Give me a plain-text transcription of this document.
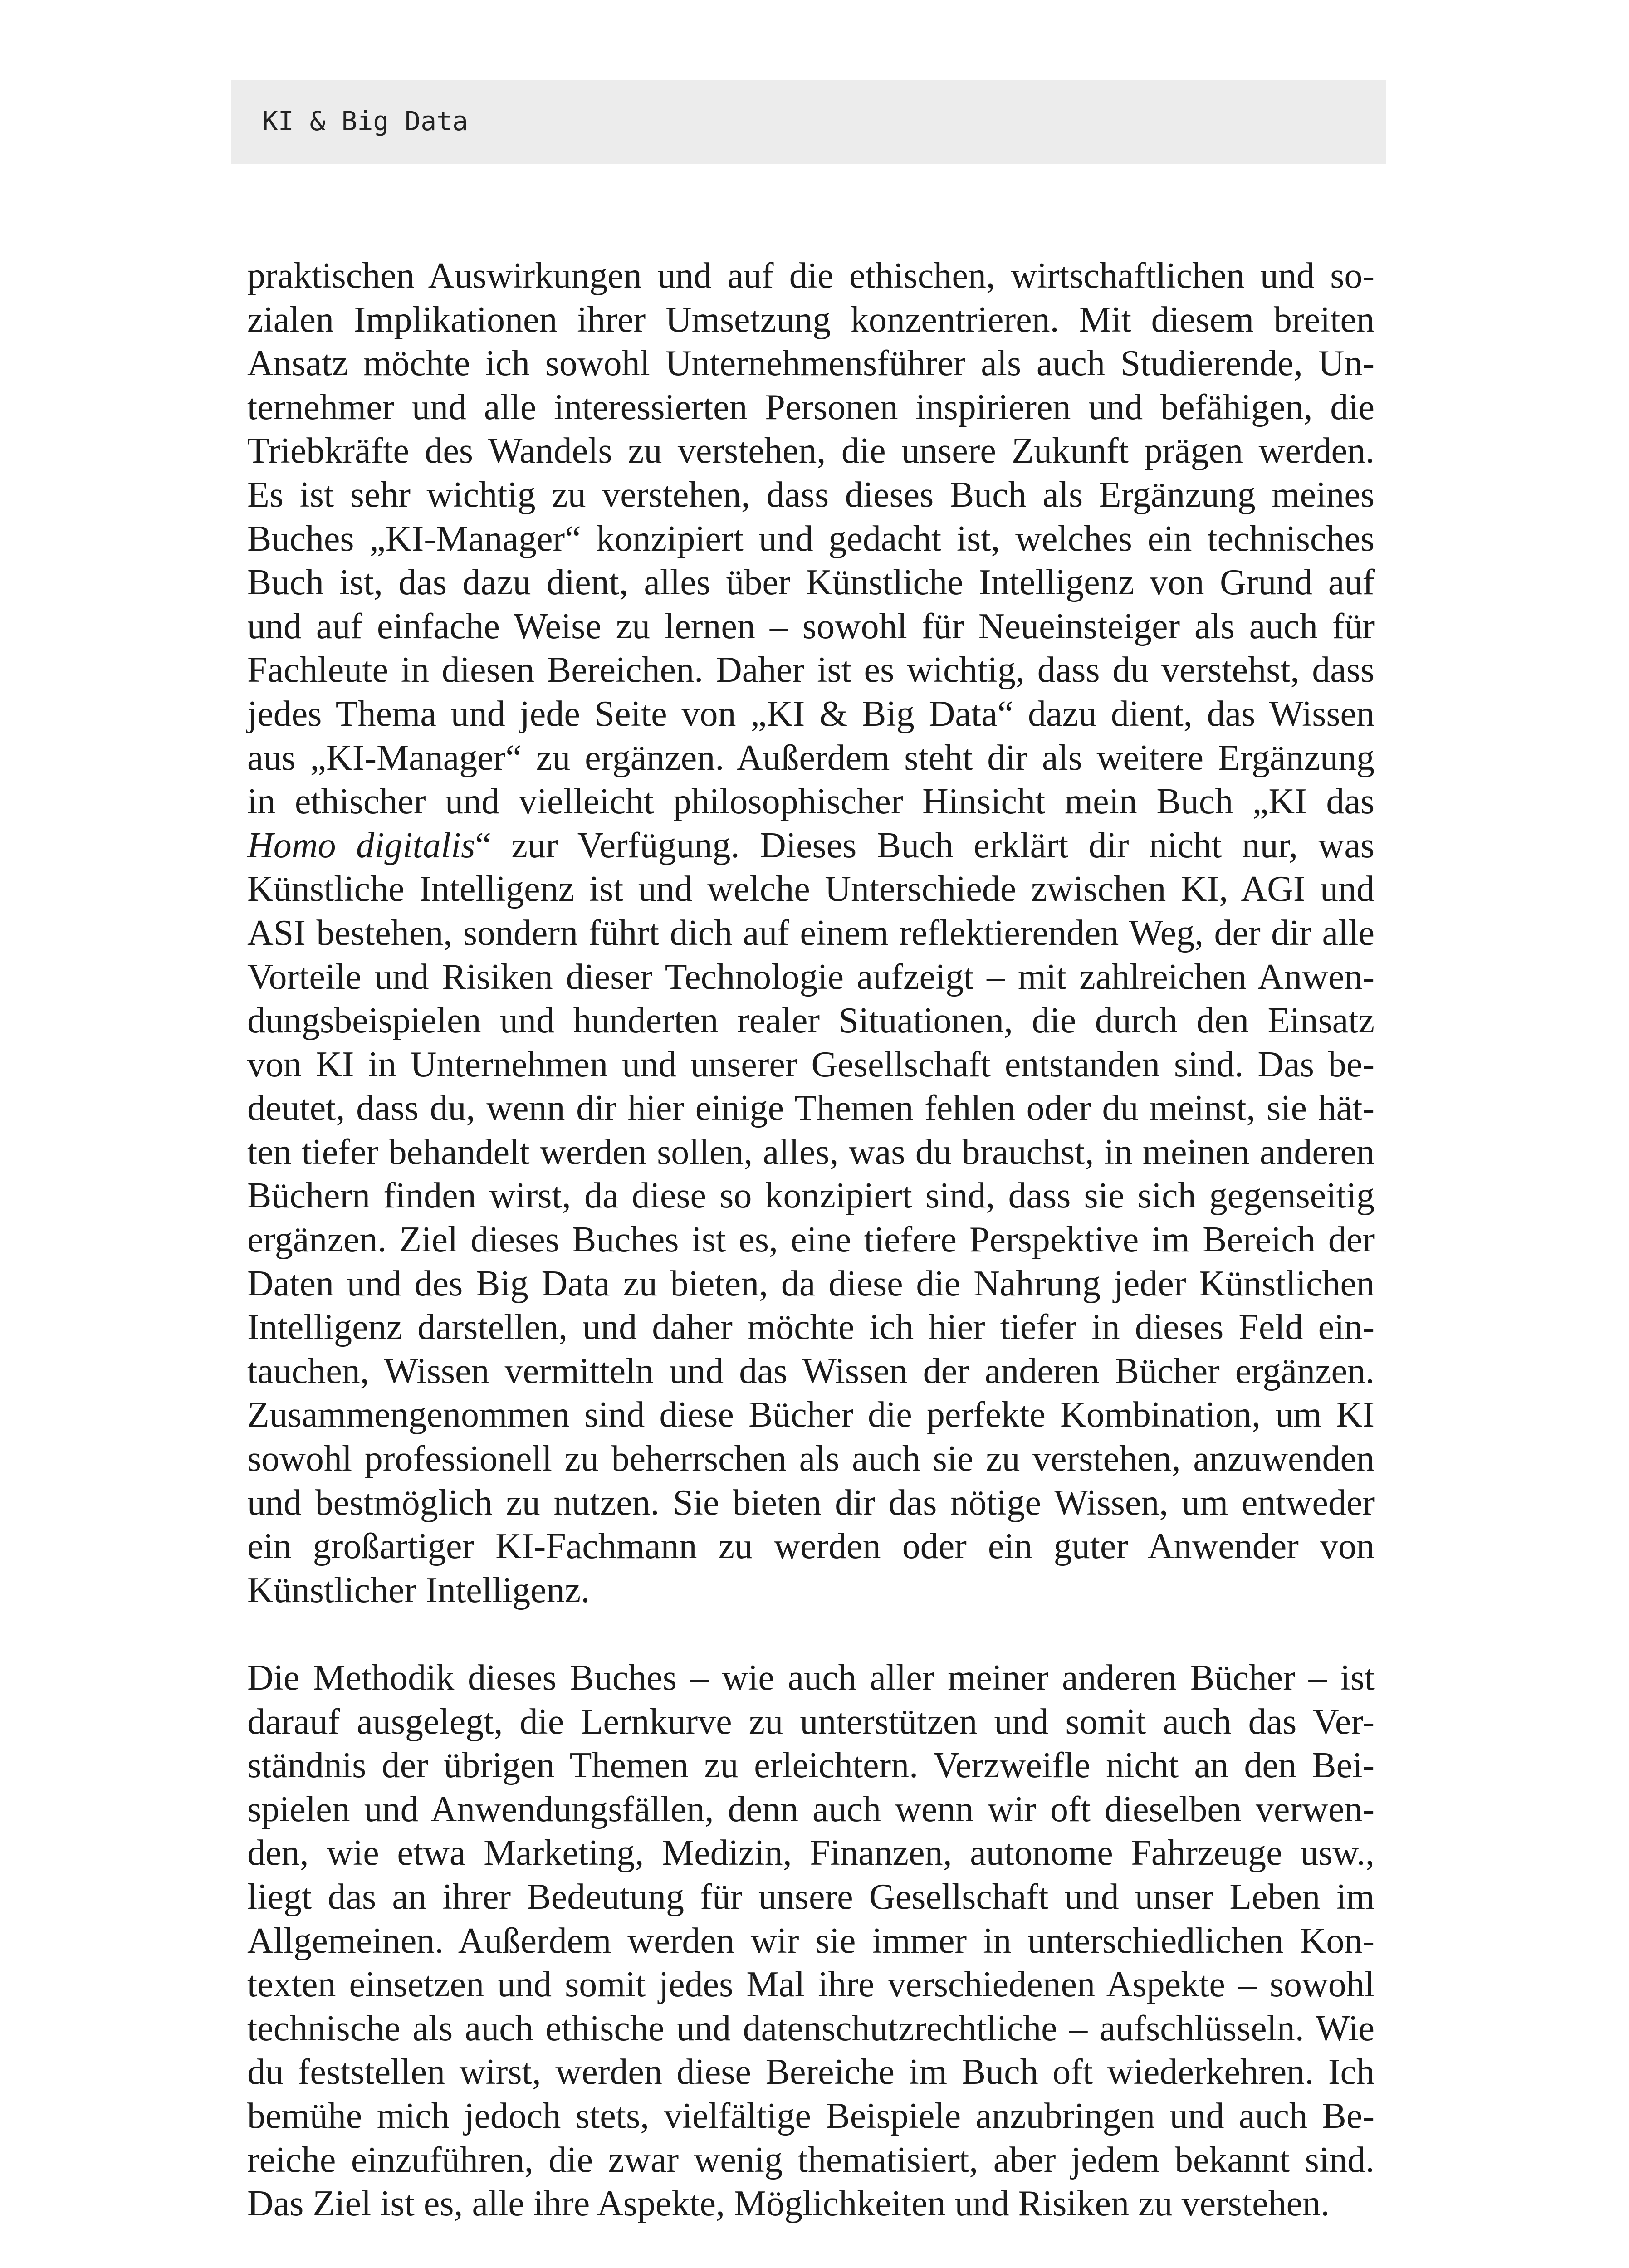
KI & Big Data
praktischen Auswirkungen und auf die ethischen, wirtschaftlichen und so-
zialen Implikationen ihrer Umsetzung konzentrieren. Mit diesem breiten
Ansatz möchte ich sowohl Unternehmensführer als auch Studierende, Un-
ternehmer und alle interessierten Personen inspirieren und befähigen, die
Triebkräfte des Wandels zu verstehen, die unsere Zukunft prägen werden.
Es ist sehr wichtig zu verstehen, dass dieses Buch als Ergänzung meines
Buches „KI-Manager“ konzipiert und gedacht ist, welches ein technisches
Buch ist, das dazu dient, alles über Künstliche Intelligenz von Grund auf
und auf einfache Weise zu lernen – sowohl für Neueinsteiger als auch für
Fachleute in diesen Bereichen. Daher ist es wichtig, dass du verstehst, dass
jedes Thema und jede Seite von „KI & Big Data“ dazu dient, das Wissen
aus „KI-Manager“ zu ergänzen. Außerdem steht dir als weitere Ergänzung
in ethischer und vielleicht philosophischer Hinsicht mein Buch „KI das
Homo digitalis“ zur Verfügung. Dieses Buch erklärt dir nicht nur, was
Künstliche Intelligenz ist und welche Unterschiede zwischen KI, AGI und
ASI bestehen, sondern führt dich auf einem reflektierenden Weg, der dir alle
Vorteile und Risiken dieser Technologie aufzeigt – mit zahlreichen Anwen-
dungsbeispielen und hunderten realer Situationen, die durch den Einsatz
von KI in Unternehmen und unserer Gesellschaft entstanden sind. Das be-
deutet, dass du, wenn dir hier einige Themen fehlen oder du meinst, sie hät-
ten tiefer behandelt werden sollen, alles, was du brauchst, in meinen anderen
Büchern finden wirst, da diese so konzipiert sind, dass sie sich gegenseitig
ergänzen. Ziel dieses Buches ist es, eine tiefere Perspektive im Bereich der
Daten und des Big Data zu bieten, da diese die Nahrung jeder Künstlichen
Intelligenz darstellen, und daher möchte ich hier tiefer in dieses Feld ein-
tauchen, Wissen vermitteln und das Wissen der anderen Bücher ergänzen.
Zusammengenommen sind diese Bücher die perfekte Kombination, um KI
sowohl professionell zu beherrschen als auch sie zu verstehen, anzuwenden
und bestmöglich zu nutzen. Sie bieten dir das nötige Wissen, um entweder
ein großartiger KI-Fachmann zu werden oder ein guter Anwender von
Künstlicher Intelligenz.
Die Methodik dieses Buches – wie auch aller meiner anderen Bücher – ist
darauf ausgelegt, die Lernkurve zu unterstützen und somit auch das Ver-
ständnis der übrigen Themen zu erleichtern. Verzweifle nicht an den Bei-
spielen und Anwendungsfällen, denn auch wenn wir oft dieselben verwen-
den, wie etwa Marketing, Medizin, Finanzen, autonome Fahrzeuge usw.,
liegt das an ihrer Bedeutung für unsere Gesellschaft und unser Leben im
Allgemeinen. Außerdem werden wir sie immer in unterschiedlichen Kon-
texten einsetzen und somit jedes Mal ihre verschiedenen Aspekte – sowohl
technische als auch ethische und datenschutzrechtliche – aufschlüsseln. Wie
du feststellen wirst, werden diese Bereiche im Buch oft wiederkehren. Ich
bemühe mich jedoch stets, vielfältige Beispiele anzubringen und auch Be-
reiche einzuführen, die zwar wenig thematisiert, aber jedem bekannt sind.
Das Ziel ist es, alle ihre Aspekte, Möglichkeiten und Risiken zu verstehen.
